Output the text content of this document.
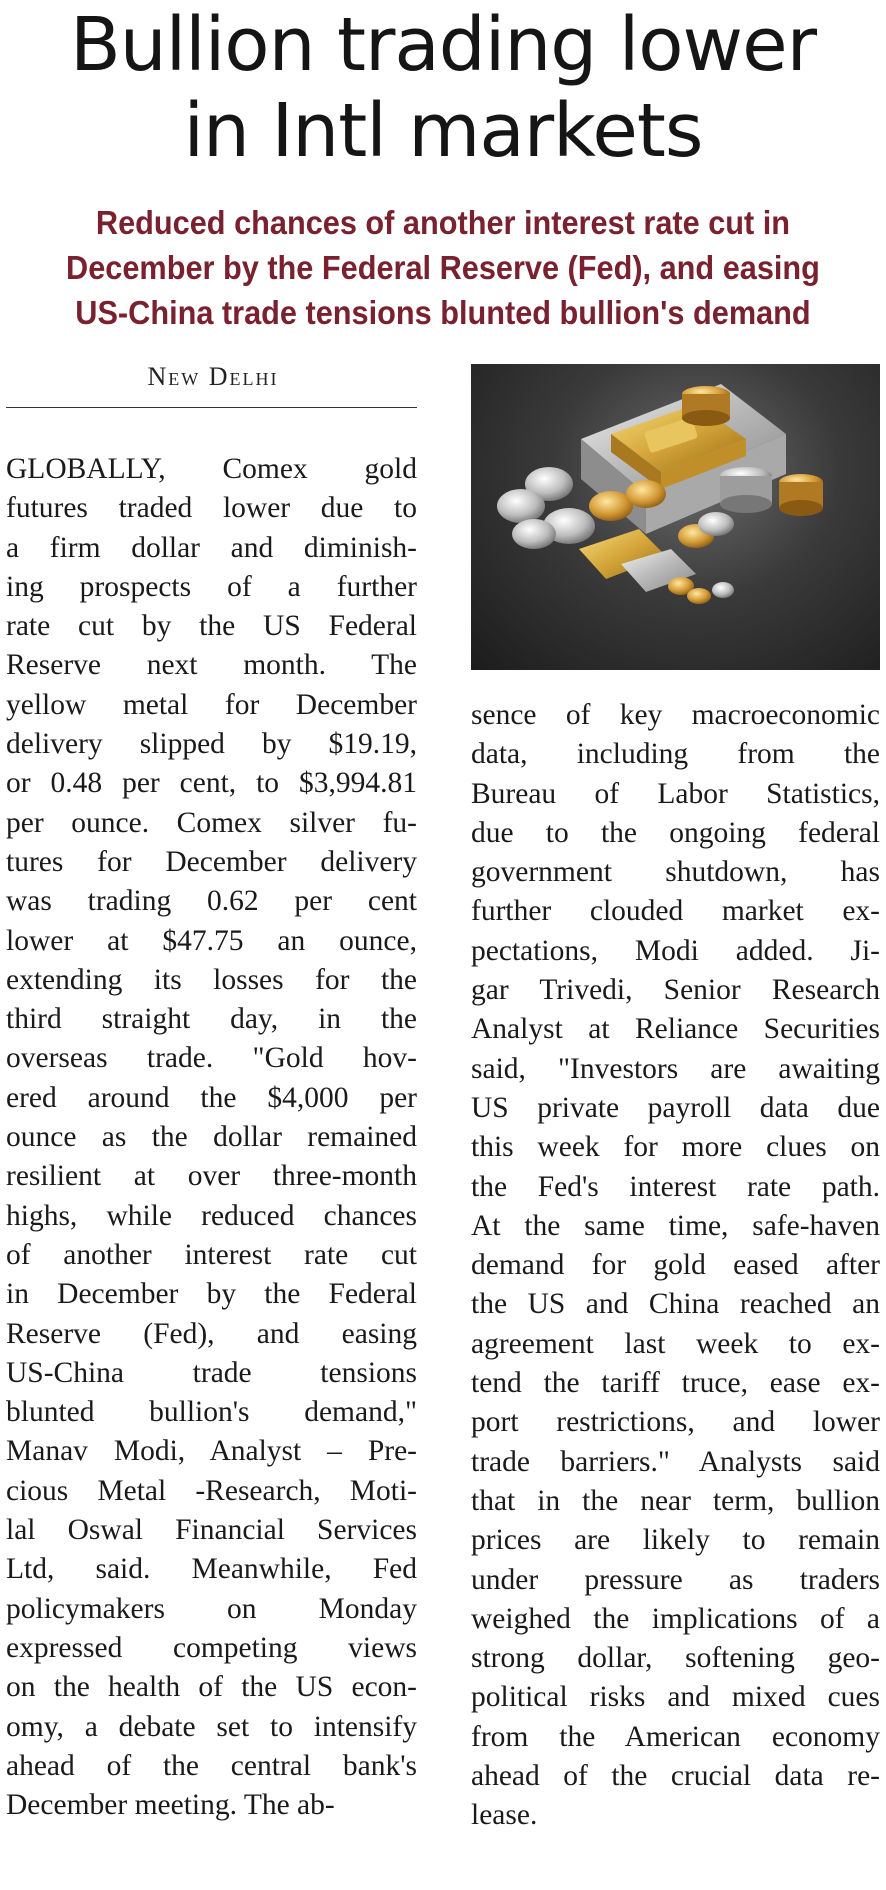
Bullion trading lower
in Intl markets
Reduced chances of another interest rate cut in
December by the Federal Reserve (Fed), and easing
US-China trade tensions blunted bullion's demand
New Delhi
GLOBALLY, Comex gold
futures traded lower due to
a firm dollar and diminish-
ing prospects of a further
rate cut by the US Federal
Reserve next month. The
yellow metal for December
delivery slipped by $19.19,
or 0.48 per cent, to $3,994.81
per ounce. Comex silver fu-
tures for December delivery
was trading 0.62 per cent
lower at $47.75 an ounce,
extending its losses for the
third straight day, in the
overseas trade. "Gold hov-
ered around the $4,000 per
ounce as the dollar remained
resilient at over three-month
highs, while reduced chances
of another interest rate cut
in December by the Federal
Reserve (Fed), and easing
US-China trade tensions
blunted bullion's demand,"
Manav Modi, Analyst – Pre-
cious Metal -Research, Moti-
lal Oswal Financial Services
Ltd, said. Meanwhile, Fed
policymakers on Monday
expressed competing views
on the health of the US econ-
omy, a debate set to intensify
ahead of the central bank's
December meeting. The ab-
sence of key macroeconomic
data, including from the
Bureau of Labor Statistics,
due to the ongoing federal
government shutdown, has
further clouded market ex-
pectations, Modi added. Ji-
gar Trivedi, Senior Research
Analyst at Reliance Securities
said, "Investors are awaiting
US private payroll data due
this week for more clues on
the Fed's interest rate path.
At the same time, safe-haven
demand for gold eased after
the US and China reached an
agreement last week to ex-
tend the tariff truce, ease ex-
port restrictions, and lower
trade barriers." Analysts said
that in the near term, bullion
prices are likely to remain
under pressure as traders
weighed the implications of a
strong dollar, softening geo-
political risks and mixed cues
from the American economy
ahead of the crucial data re-
lease.
